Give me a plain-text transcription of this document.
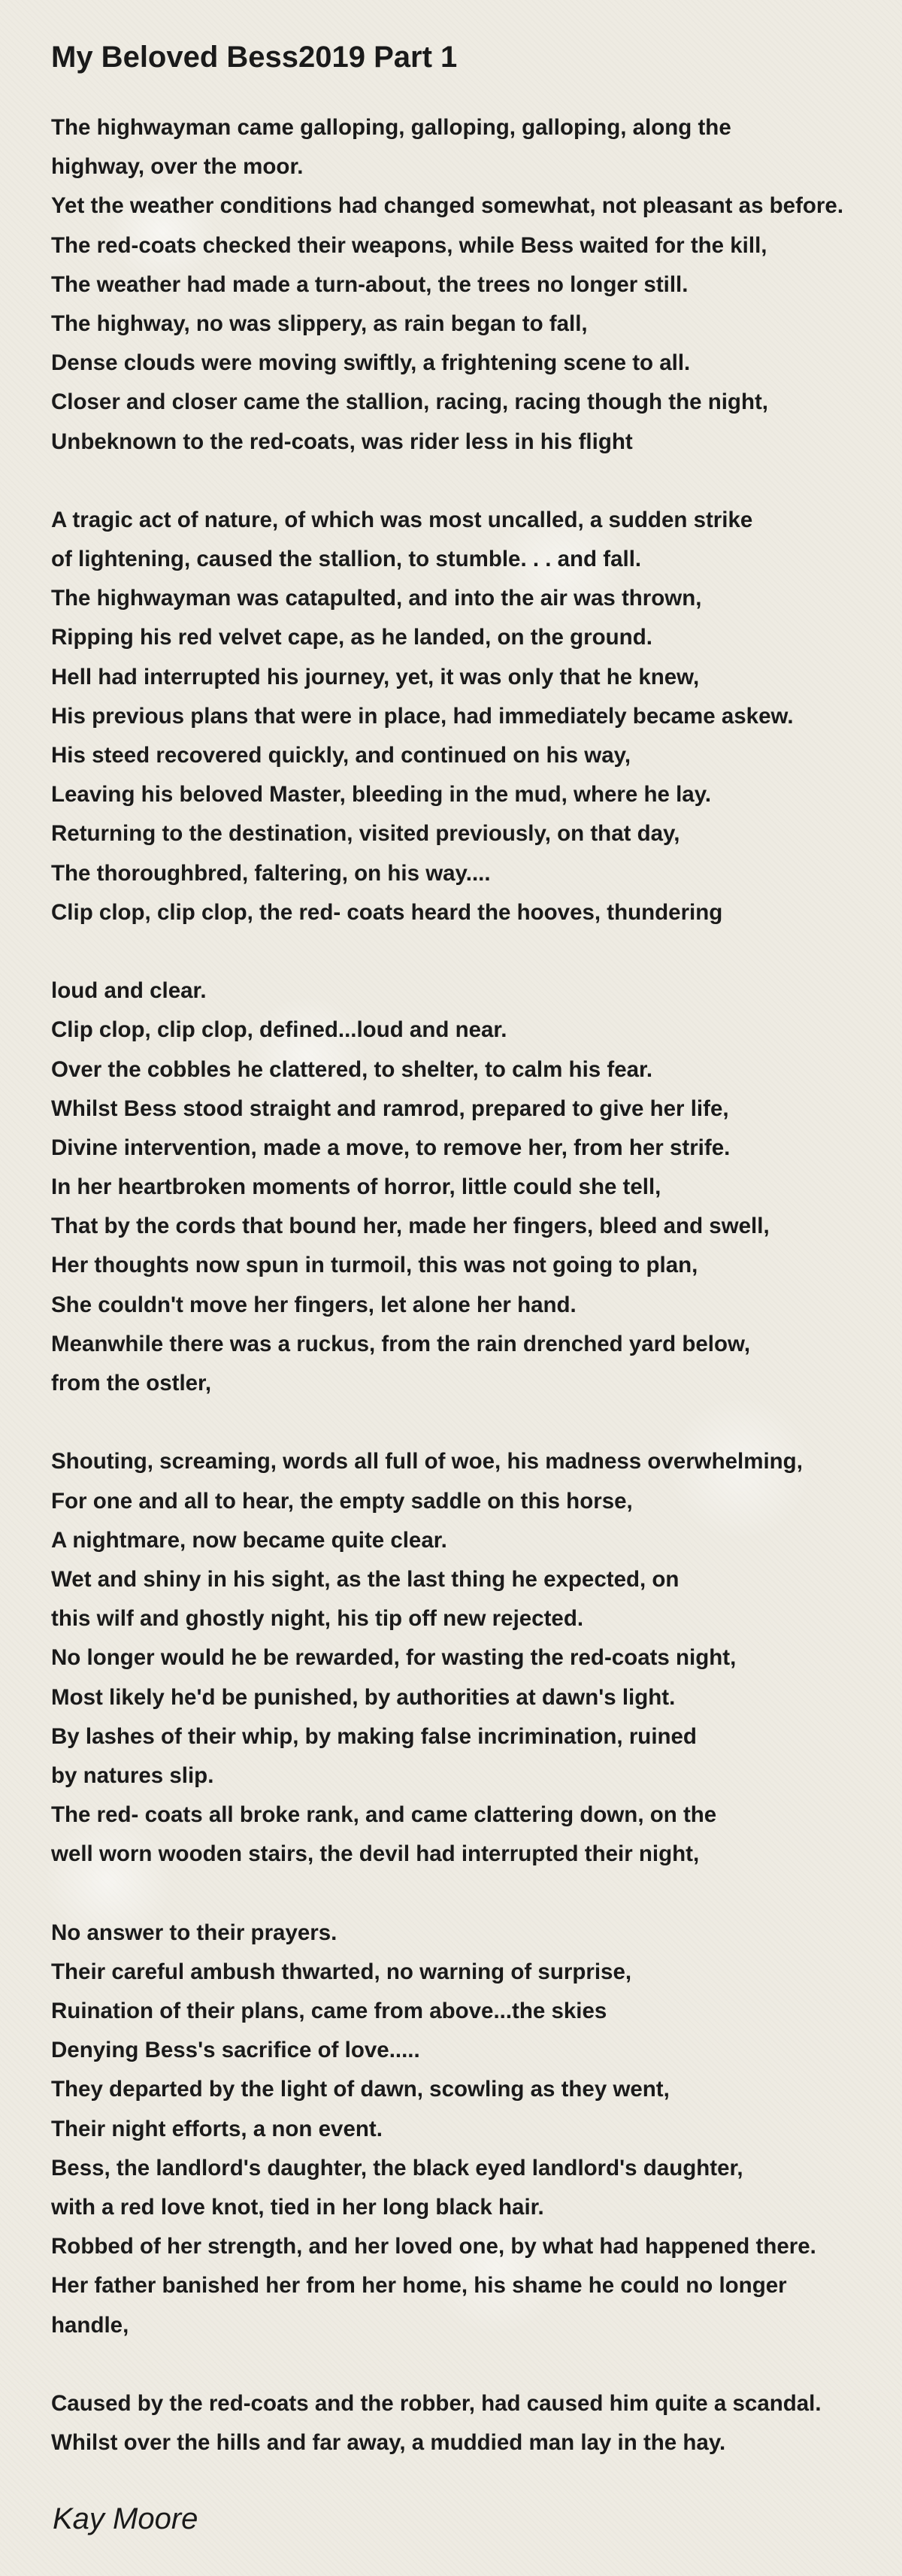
My Beloved Bess2019 Part 1
The highwayman came galloping, galloping, galloping, along the
highway, over the moor.
Yet the weather conditions had changed somewhat, not pleasant as before.
The red-coats checked their weapons, while Bess waited for the kill,
The weather had made a turn-about, the trees no longer still.
The highway, no was slippery, as rain began to fall,
Dense clouds were moving swiftly, a frightening scene to all.
Closer and closer came the stallion, racing, racing though the night,
Unbeknown to the red-coats, was rider less in his flight
A tragic act of nature, of which was most uncalled, a sudden strike
of lightening, caused the stallion, to stumble. . . and fall.
The highwayman was catapulted, and into the air was thrown,
Ripping his red velvet cape, as he landed, on the ground.
Hell had interrupted his journey, yet, it was only that he knew,
His previous plans that were in place, had immediately became askew.
His steed recovered quickly, and continued on his way,
Leaving his beloved Master, bleeding in the mud, where he lay.
Returning to the destination, visited previously, on that day,
The thoroughbred, faltering, on his way....
Clip clop, clip clop, the red- coats heard the hooves, thundering
loud and clear.
Clip clop, clip clop, defined...loud and near.
Over the cobbles he clattered, to shelter, to calm his fear.
Whilst Bess stood straight and ramrod, prepared to give her life,
Divine intervention, made a move, to remove her, from her strife.
In her heartbroken moments of horror, little could she tell,
That by the cords that bound her, made her fingers, bleed and swell,
Her thoughts now spun in turmoil, this was not going to plan,
She couldn't move her fingers, let alone her hand.
Meanwhile there was a ruckus, from the rain drenched yard below,
from the ostler,
Shouting, screaming, words all full of woe, his madness overwhelming,
For one and all to hear, the empty saddle on this horse,
A nightmare, now became quite clear.
Wet and shiny in his sight, as the last thing he expected, on
this wilf and ghostly night, his tip off new rejected.
No longer would he be rewarded, for wasting the red-coats night,
Most likely he'd be punished, by authorities at dawn's light.
By lashes of their whip, by making false incrimination, ruined
by natures slip.
The red- coats all broke rank, and came clattering down, on the
well worn wooden stairs, the devil had interrupted their night,
No answer to their prayers.
Their careful ambush thwarted, no warning of surprise,
Ruination of their plans, came from above...the skies
Denying Bess's sacrifice of love.....
They departed by the light of dawn, scowling as they went,
Their night efforts, a non event.
Bess, the landlord's daughter, the black eyed landlord's daughter,
with a red love knot, tied in her long black hair.
Robbed of her strength, and her loved one, by what had happened there.
Her father banished her from her home, his shame he could no longer
handle,
Caused by the red-coats and the robber, had caused him quite a scandal.
Whilst over the hills and far away, a muddied man lay in the hay.
Kay Moore
